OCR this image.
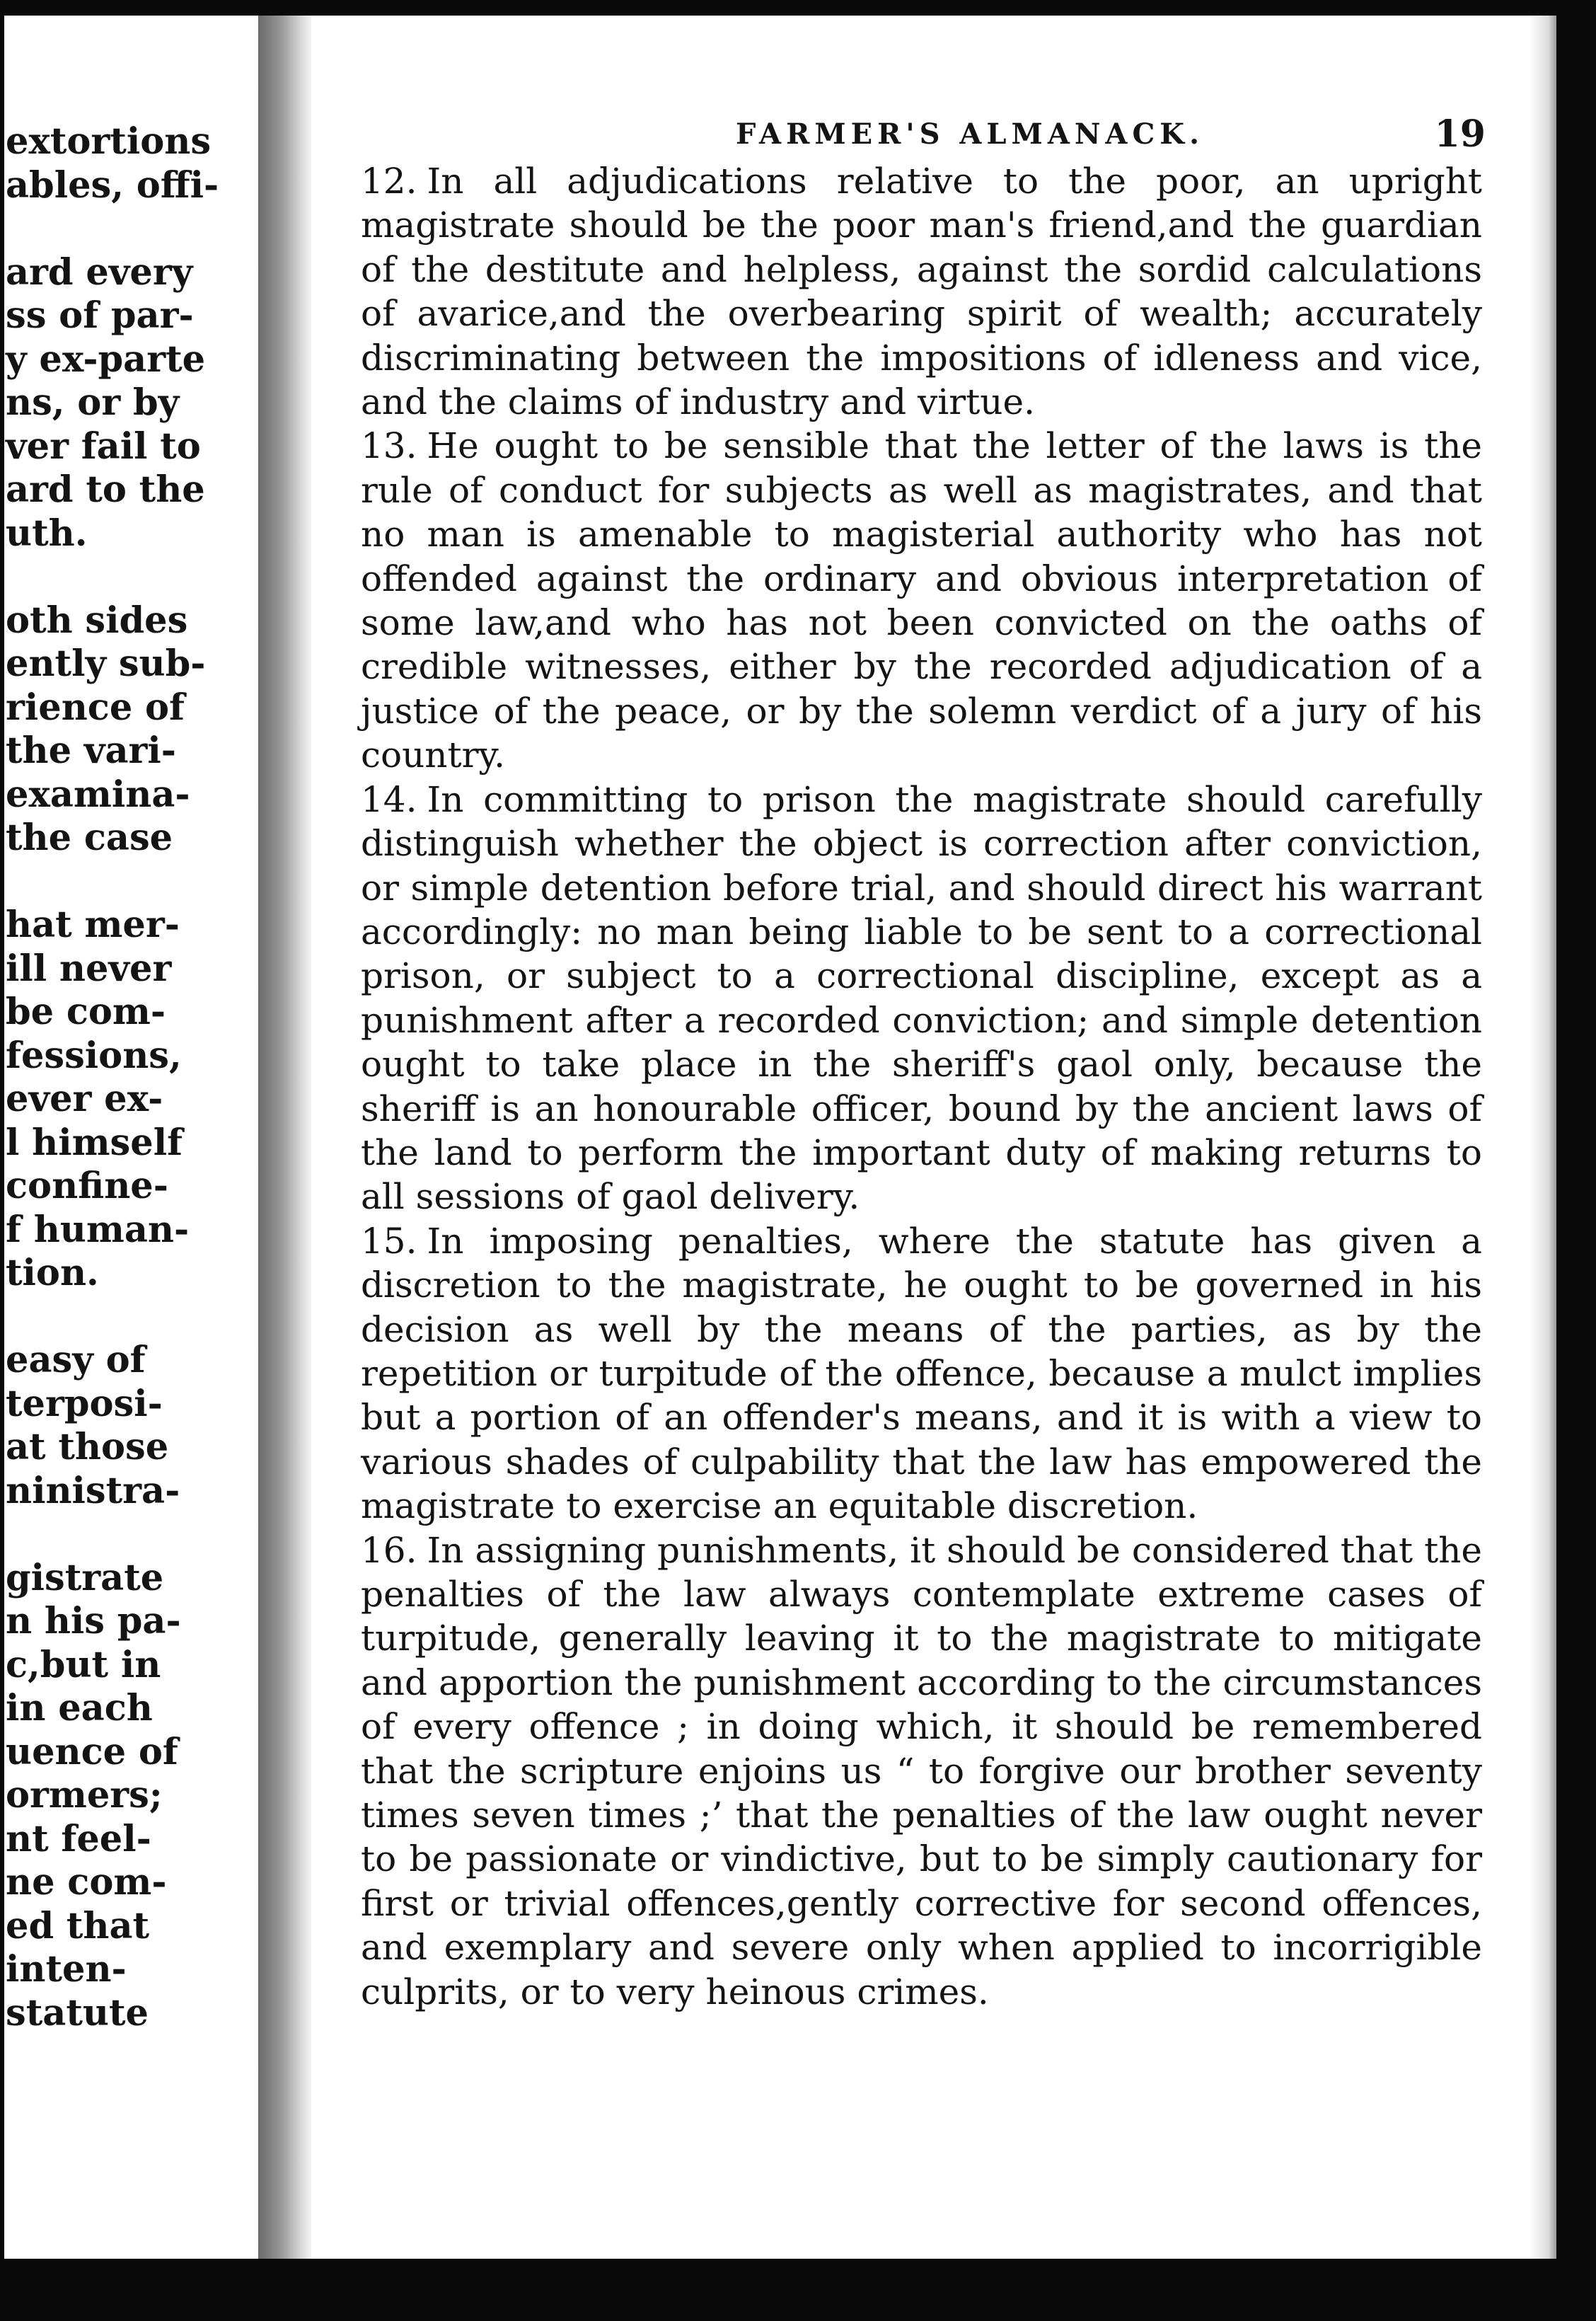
extortions
ables, offi-
ard every
ss of par-
y ex-parte
ns, or by
ver fail to
ard to the
uth.
oth sides
ently sub-
rience of
the vari-
examina-
the case
hat mer-
ill never
be com-
fessions,
ever ex-
l himself
confine-
f human-
tion.
easy of
terposi-
at those
ninistra-
gistrate
n his pa-
c,but in
in each
uence of
ormers;
nt feel-
ne com-
ed that
inten-
statute
FARMER'S ALMANACK.	19

12. In all adjudications relative to the poor, an upright magistrate should be the poor man's friend,and the guardian of the destitute and helpless, against the sordid calculations of avarice,and the overbearing spirit of wealth; accurately discriminating between the impositions of idleness and vice, and the claims of industry and virtue.

13. He ought to be sensible that the letter of the laws is the rule of conduct for subjects as well as magistrates, and that no man is amenable to magisterial authority who has not offended against the ordinary and obvious interpretation of some law,and who has not been convicted on the oaths of credible witnesses, either by the recorded adjudication of a justice of the peace, or by the solemn verdict of a jury of his country.

14. In committing to prison the magistrate should carefully distinguish whether the object is correction after conviction, or simple detention before trial, and should direct his warrant accordingly: no man being liable to be sent to a correctional prison, or subject to a correctional discipline, except as a punishment after a recorded conviction; and simple detention ought to take place in the sheriff's gaol only, because the sheriff is an honourable officer, bound by the ancient laws of the land to perform the important duty of making returns to all sessions of gaol delivery.

15. In imposing penalties, where the statute has given a discretion to the magistrate, he ought to be governed in his decision as well by the means of the parties, as by the repetition or turpitude of the offence, because a mulct implies but a portion of an offender's means, and it is with a view to various shades of culpability that the law has empowered the magistrate to exercise an equitable discretion.

16. In assigning punishments, it should be considered that the penalties of the law always contemplate extreme cases of turpitude, generally leaving it to the magistrate to mitigate and apportion the punishment according to the circumstances of every offence ; in doing which, it should be remembered that the scripture enjoins us “ to forgive our brother seventy times seven times ;’ that the penalties of the law ought never to be passionate or vindictive, but to be simply cautionary for first or trivial offences,gently corrective for second offences, and exemplary and severe only when applied to incorrigible culprits, or to very heinous crimes.
